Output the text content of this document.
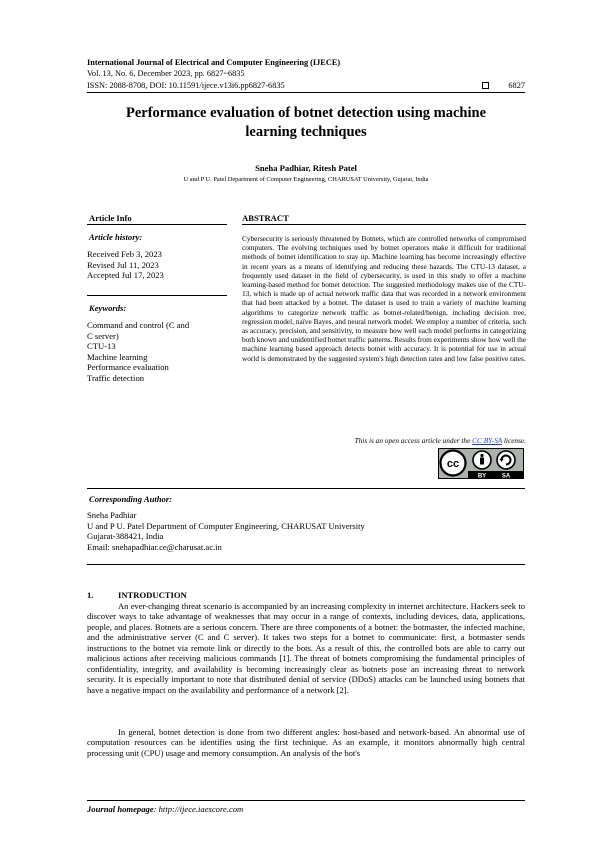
International Journal of Electrical and Computer Engineering (IJECE)
Vol. 13, No. 6, December 2023, pp. 6827~6835
ISSN: 2088-8708, DOI: 10.11591/ijece.v13i6.pp6827-6835	6827
Performance evaluation of botnet detection using machine
learning techniques
Sneha Padhiar, Ritesh Patel
U and P U. Patel Department of Computer Engineering, CHARUSAT University, Gujarat, India
Article Info	ABSTRACT
Article history:
Received Feb 3, 2023
Revised Jul 11, 2023
Accepted Jul 17, 2023
Keywords:
Command and control (C and
C server)
CTU-13
Machine learning
Performance evaluation
Traffic detection
Cybersecurity is seriously threatened by Botnets, which are controlled networks of compromised computers. The evolving techniques used by botnet operators make it difficult for traditional methods of botnet identification to stay up. Machine learning has become increasingly effective in recent years as a means of identifying and reducing these hazards. The CTU-13 dataset, a frequently used dataset in the field of cybersecurity, is used in this study to offer a machine learning-based method for botnet detection. The suggested methodology makes use of the CTU-13, which is made up of actual network traffic data that was recorded in a network environment that had been attacked by a botnet. The dataset is used to train a variety of machine learning algorithms to categorize network traffic as botnet-related/benign, including decision tree, regression model, naïve Bayes, and neural network model. We employ a number of criteria, such as accuracy, precision, and sensitivity, to measure how well each model performs in categorizing both known and unidentified botnet traffic patterns. Results from experiments show how well the machine learning based approach detects botnet with accuracy. It is potential for use in actual world is demonstrated by the suggested system's high detection rates and low false positive rates.
This is an open access article under the CC BY-SA license.
cc
BY	SA
Corresponding Author:
Sneha Padhiar
U and P U. Patel Department of Computer Engineering, CHARUSAT University
Gujarat-388421, India
Email: snehapadhiar.ce@charusat.ac.in
1.	INTRODUCTION
An ever-changing threat scenario is accompanied by an increasing complexity in internet architecture. Hackers seek to discover ways to take advantage of weaknesses that may occur in a range of contexts, including devices, data, applications, people, and places. Botnets are a serious concern. There are three components of a botnet: the botmaster, the infected machine, and the administrative server (C and C server). It takes two steps for a botnet to communicate: first, a botmaster sends instructions to the botnet via remote link or directly to the bots. As a result of this, the controlled bots are able to carry out malicious actions after receiving malicious commands [1]. The threat of botnets compromising the fundamental principles of confidentiality, integrity, and availability is becoming increasingly clear as botnets pose an increasing threat to network security. It is especially important to note that distributed denial of service (DDoS) attacks can be launched using botnets that have a negative impact on the availability and performance of a network [2].
In general, botnet detection is done from two different angles: host-based and network-based. An abnormal use of computation resources can be identifies using the first technique. As an example, it monitors abnormally high central processing unit (CPU) usage and memory consumption. An analysis of the bot's
Journal homepage: http://ijece.iaescore.com
